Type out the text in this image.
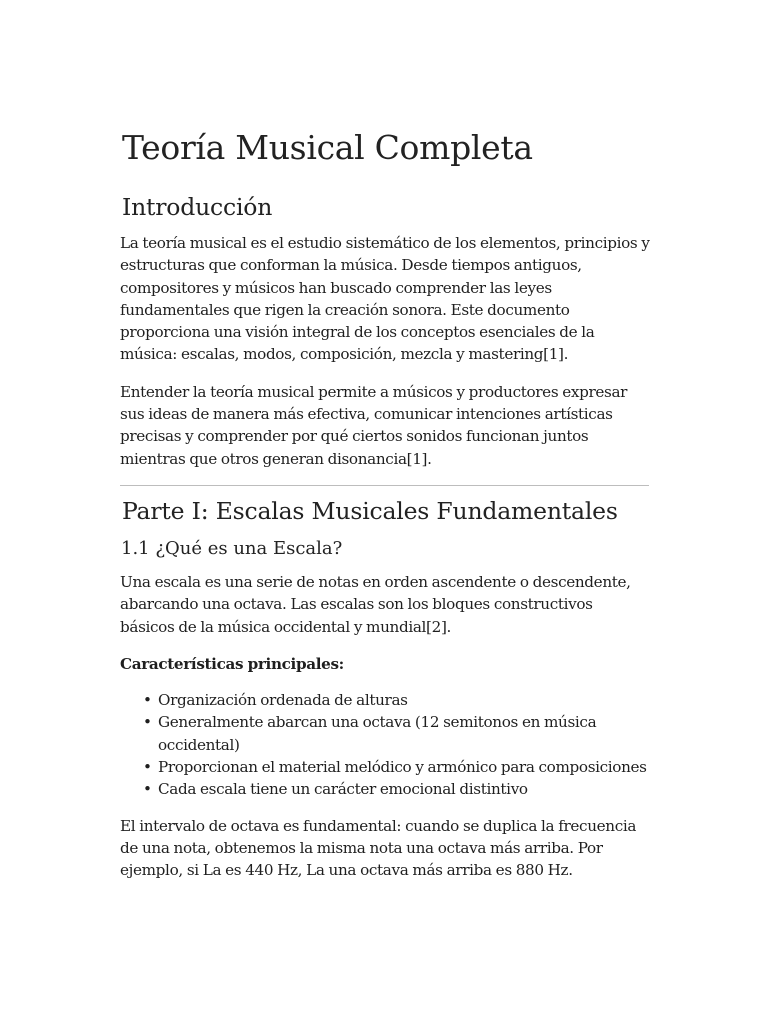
Teoría Musical Completa
Introducción

La teoría musical es el estudio sistemático de los elementos, principios y estructuras que conforman la música. Desde tiempos antiguos, compositores y músicos han buscado comprender las leyes fundamentales que rigen la creación sonora. Este documento proporciona una visión integral de los conceptos esenciales de la música: escalas, modos, composición, mezcla y mastering[1].

Entender la teoría musical permite a músicos y productores expresar sus ideas de manera más efectiva, comunicar intenciones artísticas precisas y comprender por qué ciertos sonidos funcionan juntos mientras que otros generan disonancia[1].

Parte I: Escalas Musicales Fundamentales
1.1 ¿Qué es una Escala?

Una escala es una serie de notas en orden ascendente o descendente, abarcando una octava. Las escalas son los bloques constructivos básicos de la música occidental y mundial[2].

Características principales:

• Organización ordenada de alturas
• Generalmente abarcan una octava (12 semitonos en música occidental)
• Proporcionan el material melódico y armónico para composiciones
• Cada escala tiene un carácter emocional distintivo

El intervalo de octava es fundamental: cuando se duplica la frecuencia de una nota, obtenemos la misma nota una octava más arriba. Por ejemplo, si La es 440 Hz, La una octava más arriba es 880 Hz.
